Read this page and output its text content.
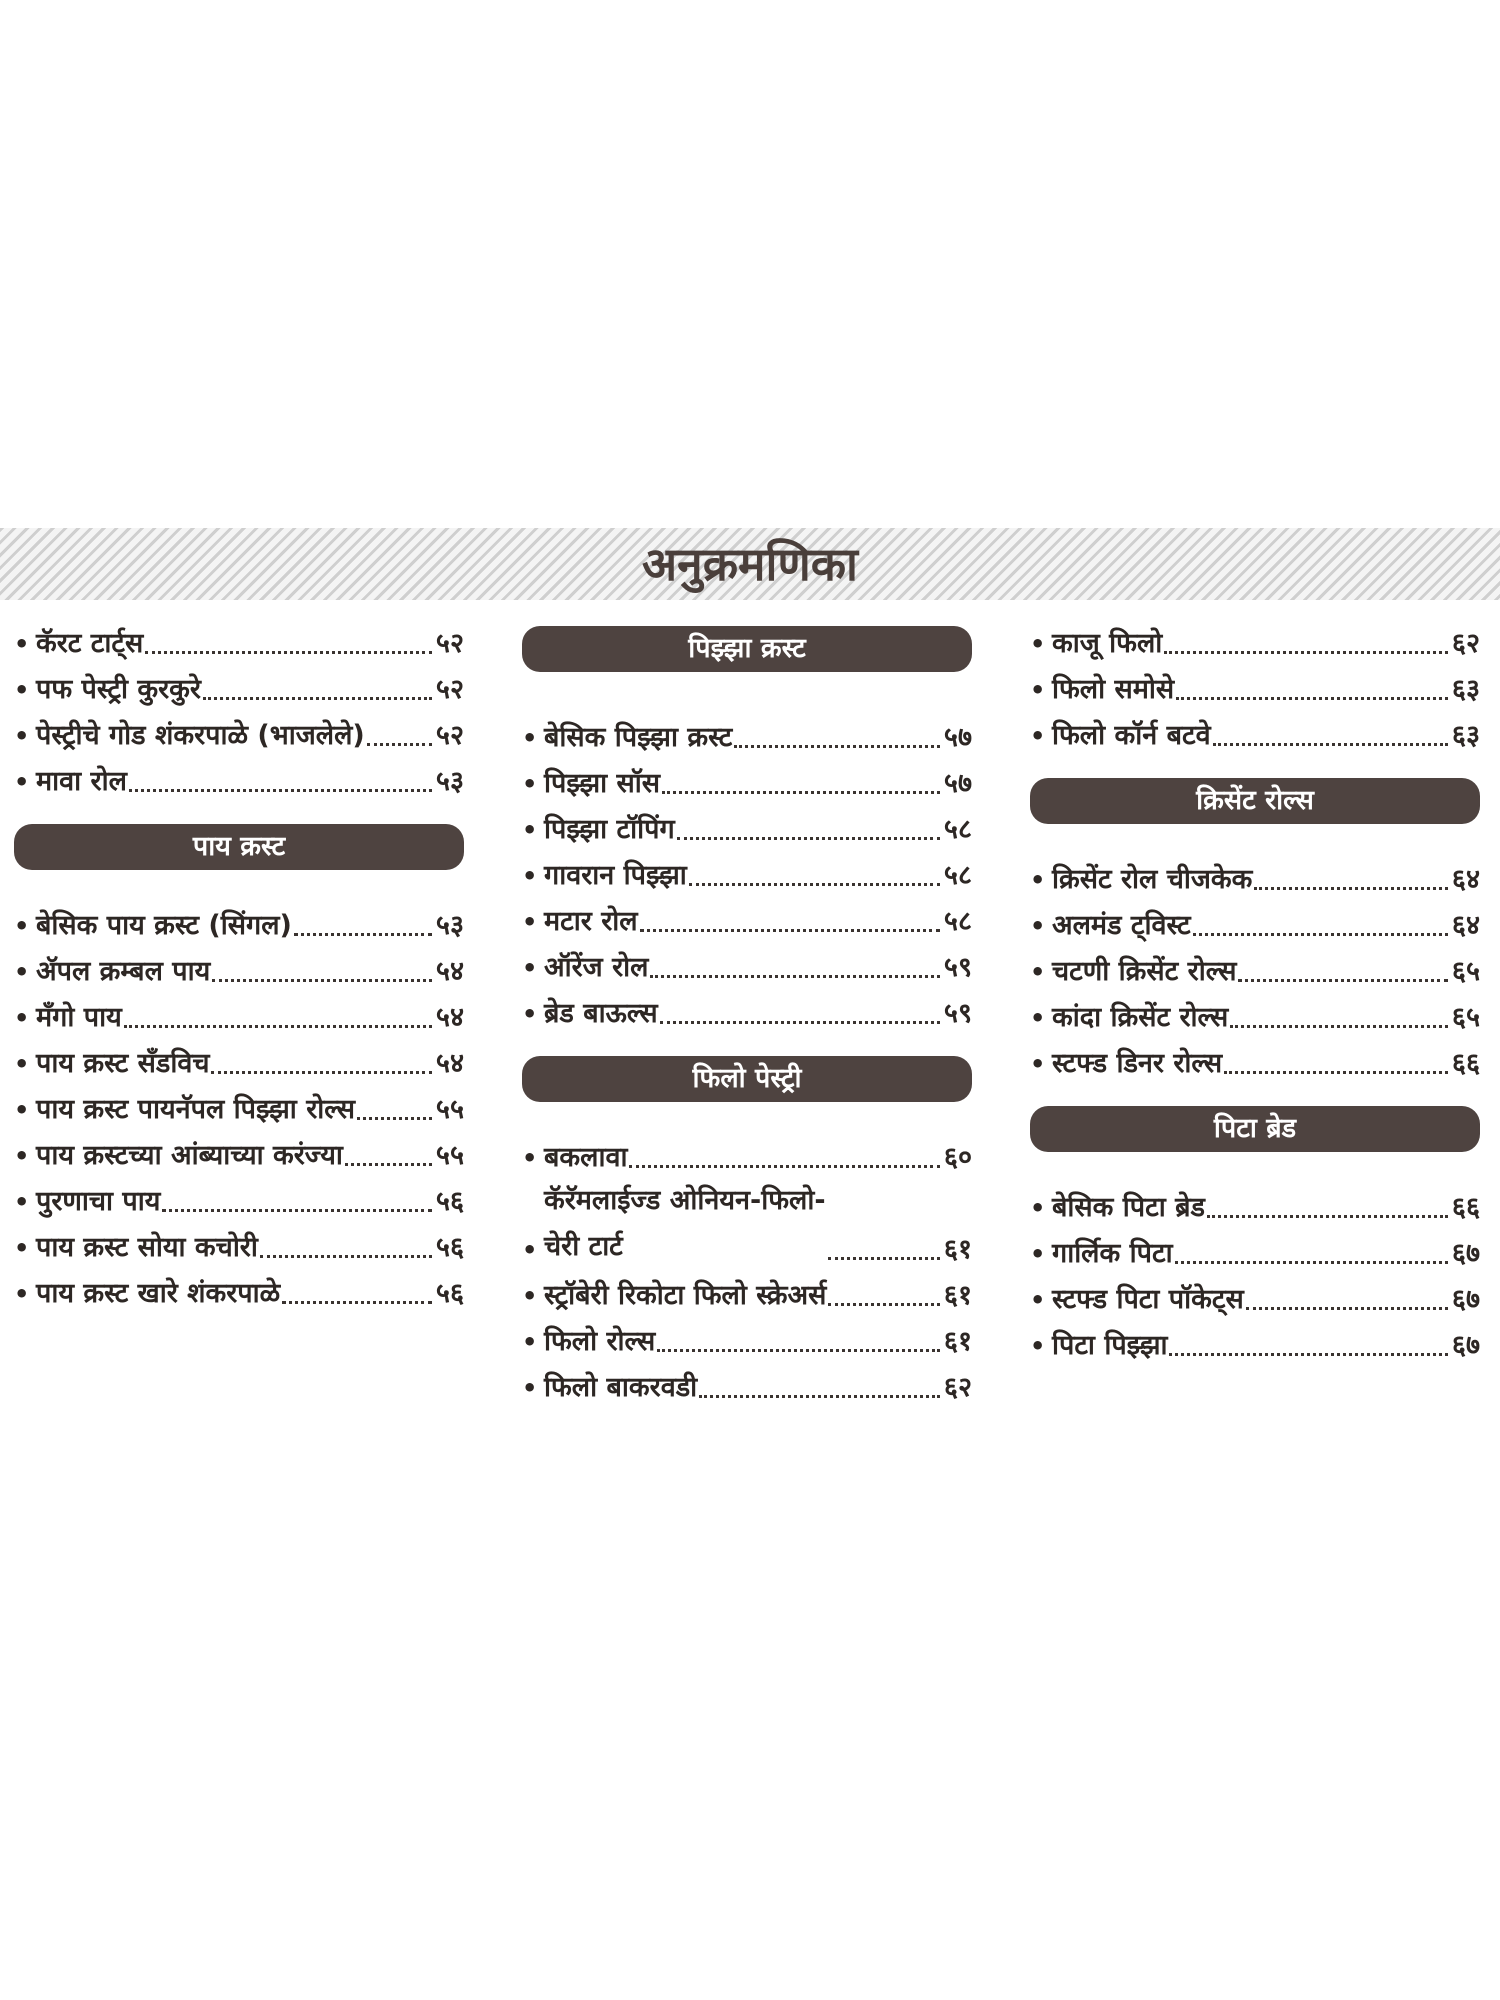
अनुक्रमणिका
• कॅरट टार्ट्स	५२
• पफ पेस्ट्री कुरकुरे	५२
• पेस्ट्रीचे गोड शंकरपाळे (भाजलेले)	५२
• मावा रोल	५३
पाय क्रस्ट
• बेसिक पाय क्रस्ट (सिंगल)	५३
• ॲपल क्रम्बल पाय	५४
• मँगो पाय	५४
• पाय क्रस्ट सँडविच	५४
• पाय क्रस्ट पायनॅपल पिझ्झा रोल्स	५५
• पाय क्रस्टच्या आंब्याच्या करंज्या	५५
• पुरणाचा पाय	५६
• पाय क्रस्ट सोया कचोरी	५६
• पाय क्रस्ट खारे शंकरपाळे	५६
पिझ्झा क्रस्ट
• बेसिक पिझ्झा क्रस्ट	५७
• पिझ्झा सॉस	५७
• पिझ्झा टॉपिंग	५८
• गावरान पिझ्झा	५८
• मटार रोल	५८
• ऑरेंज रोल	५९
• ब्रेड बाऊल्स	५९
फिलो पेस्ट्री
• बकलावा	६०
•
कॅरॅमलाईज्ड ओनियन-फिलो-
चेरी टार्ट	६१
• स्ट्रॉबेरी रिकोटा फिलो स्क्रेअर्स	६१
• फिलो रोल्स	६१
• फिलो बाकरवडी	६२
• काजू फिलो	६२
• फिलो समोसे	६३
• फिलो कॉर्न बटवे	६३
क्रिसेंट रोल्स
• क्रिसेंट रोल चीजकेक	६४
• अलमंड ट्विस्ट	६४
• चटणी क्रिसेंट रोल्स	६५
• कांदा क्रिसेंट रोल्स	६५
• स्टफ्ड डिनर रोल्स	६६
पिटा ब्रेड
• बेसिक पिटा ब्रेड	६६
• गार्लिक पिटा	६७
• स्टफ्ड पिटा पॉकेट्स	६७
• पिटा पिझ्झा	६७
